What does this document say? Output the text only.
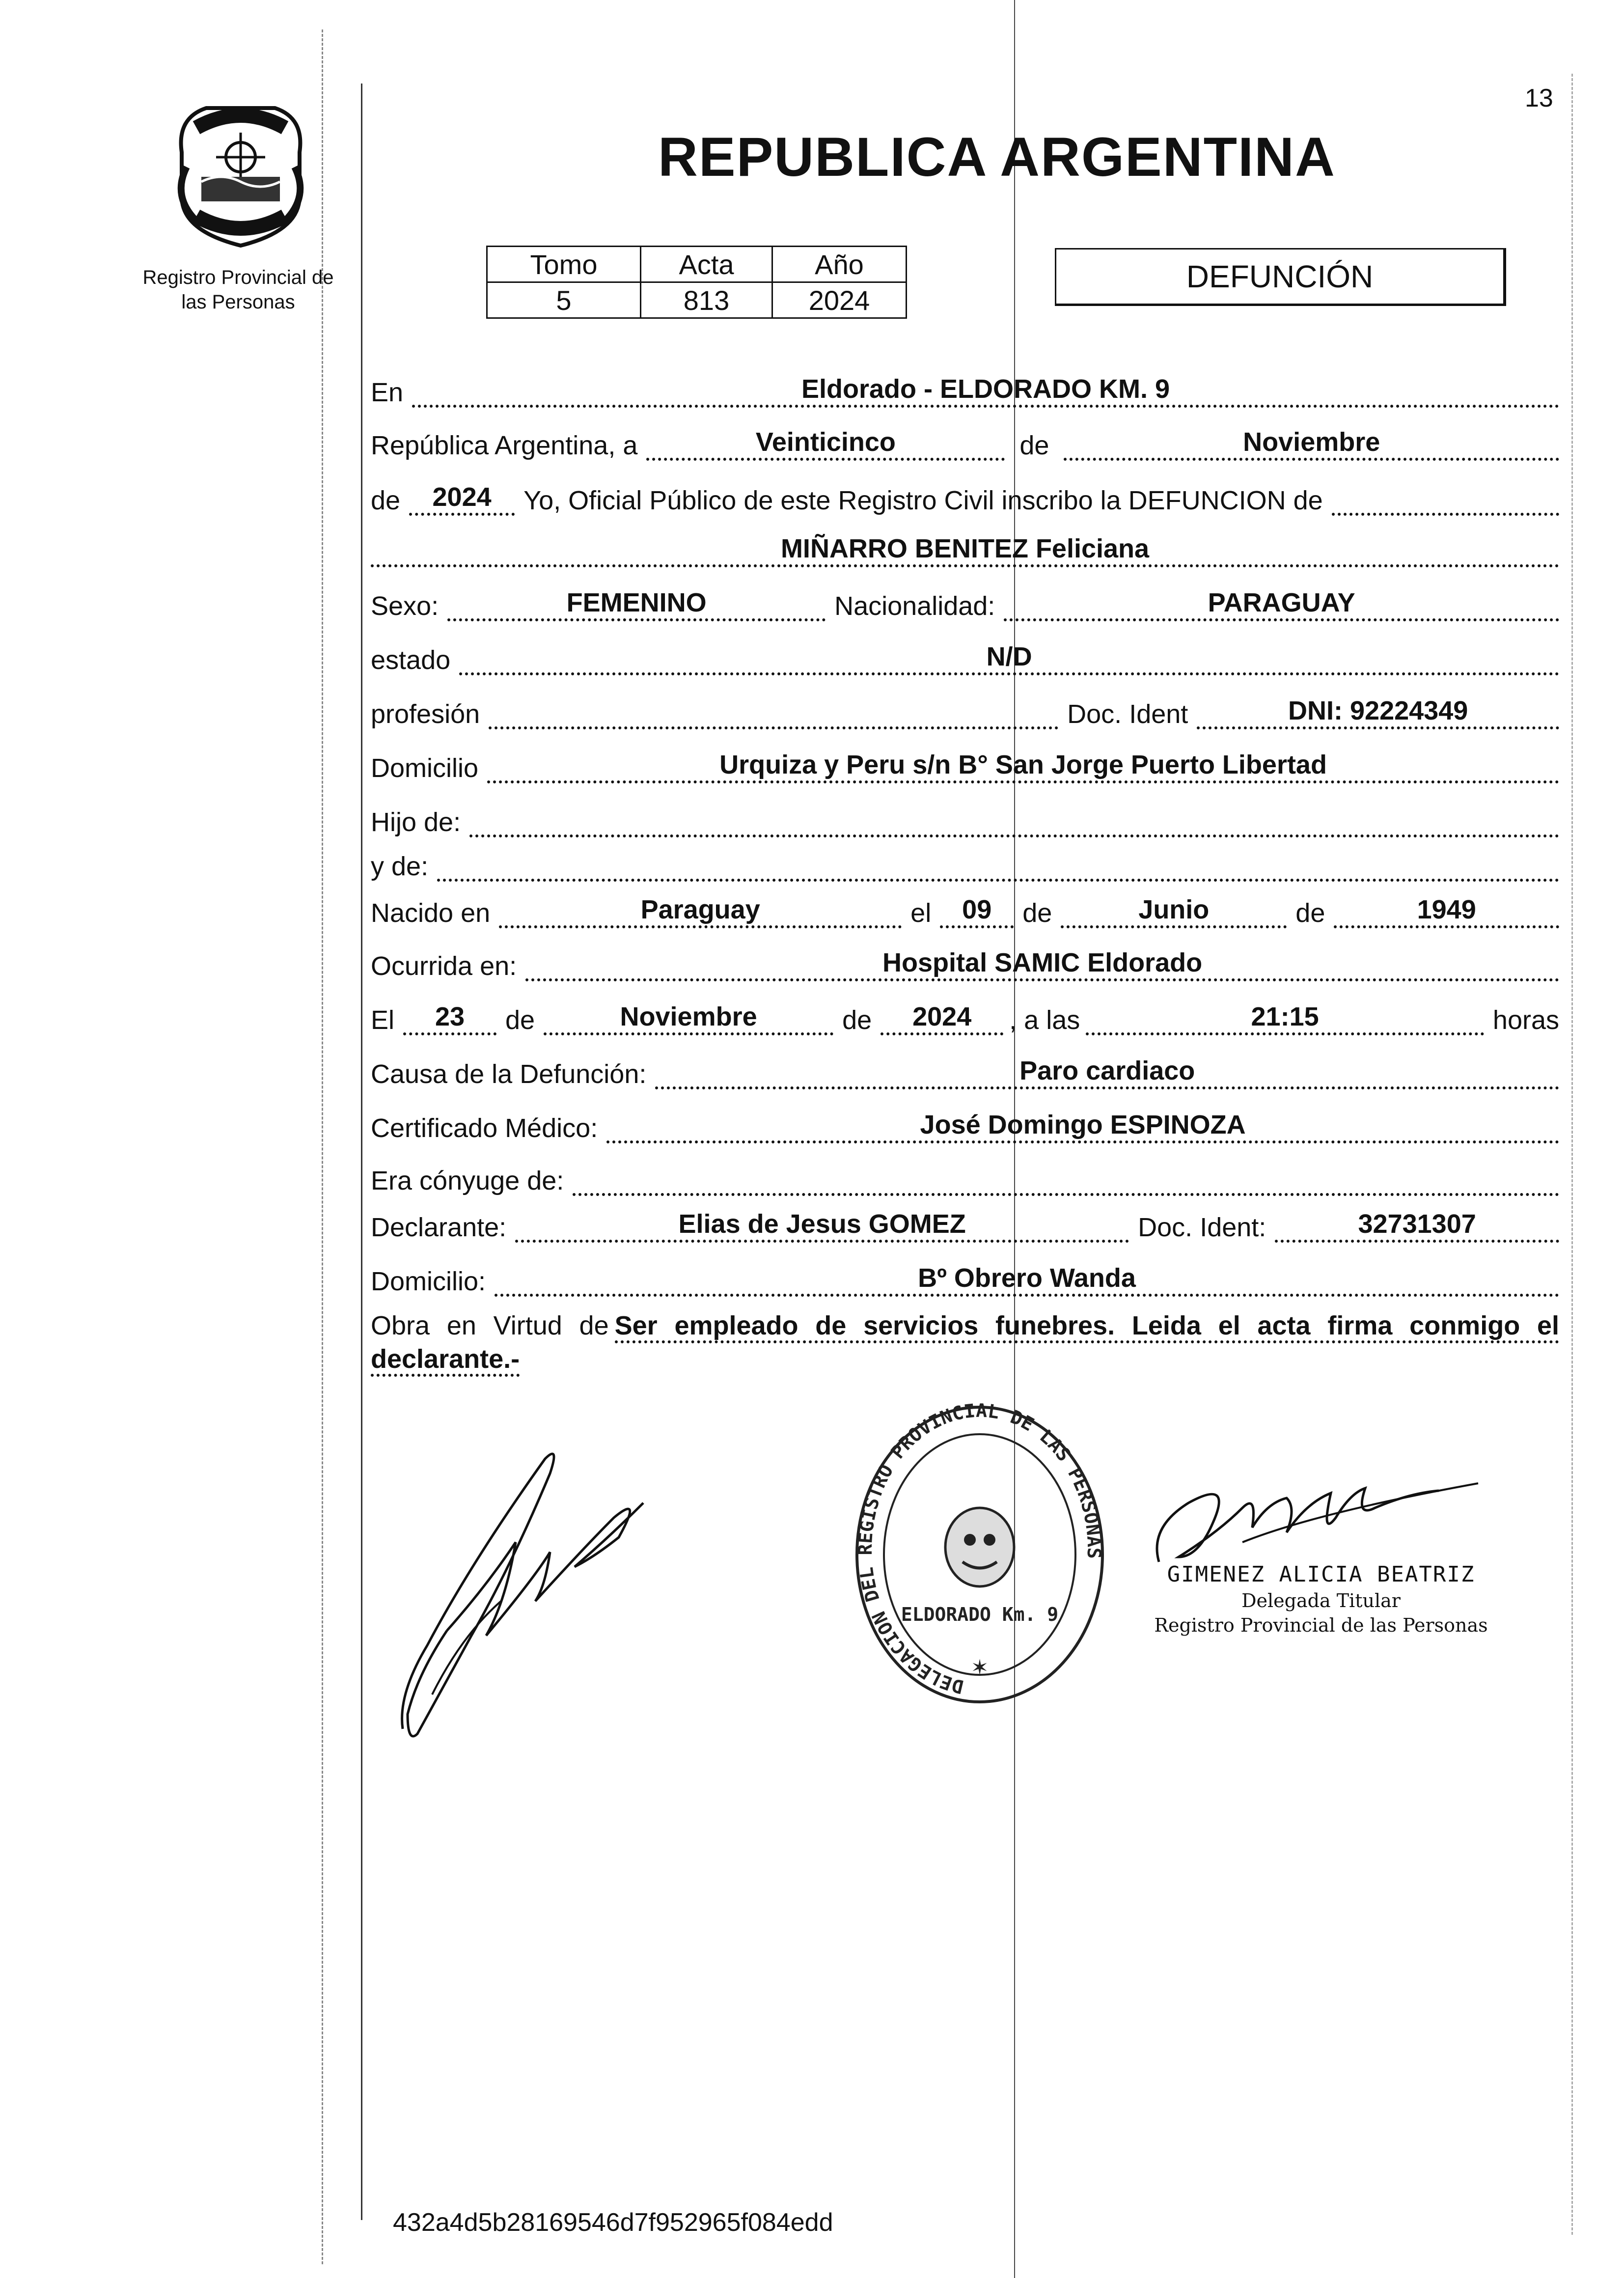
13
Registro Provincial de
las Personas
REPUBLICA ARGENTINA
Tomo	Acta	Año
5	813	2024
DEFUNCIÓN
En	Eldorado - ELDORADO KM. 9
República Argentina, a	Veinticinco	de	Noviembre
de	2024	Yo, Oficial Público de este Registro Civil inscribo la DEFUNCION de
MIÑARRO BENITEZ Feliciana
Sexo:	FEMENINO	Nacionalidad:	PARAGUAY
estado	N/D
profesión	Doc. Ident	DNI: 92224349
Domicilio	Urquiza y Peru s/n B° San Jorge Puerto Libertad
Hijo de:
y de:
Nacido en	Paraguay	el	09	de	Junio	de	1949
Ocurrida en:	Hospital SAMIC Eldorado
El	23	de	Noviembre	de	2024	, a las	21:15	horas
Causa de la Defunción:	Paro cardiaco
Certificado Médico:	José Domingo ESPINOZA
Era cónyuge de:
Declarante:	Elias de Jesus GOMEZ	Doc. Ident:	32731307
Domicilio:	Bº Obrero Wanda
Obra en Virtud de Ser empleado de servicios funebres. Leida el acta firma conmigo el declarante.-
DELEGACION DEL REGISTRO PROVINCIAL DE LAS PERSONAS
ELDORADO Km. 9
✶
GIMENEZ ALICIA BEATRIZ
Delegada Titular
Registro Provincial de las Personas
432a4d5b28169546d7f952965f084edd
